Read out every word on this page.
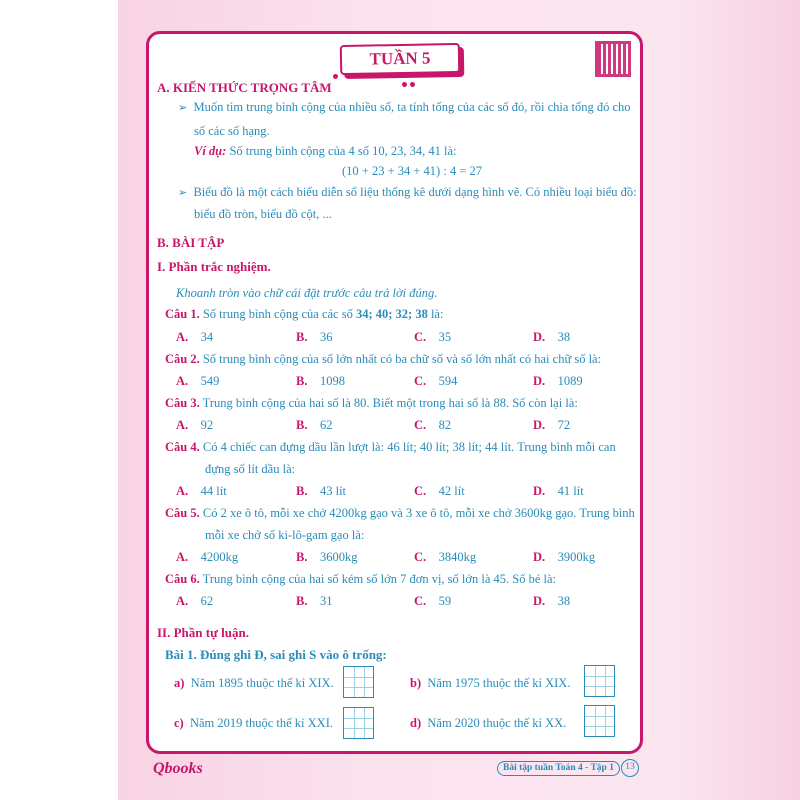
TUẦN 5
A. KIẾN THỨC TRỌNG TÂM
➢ Muốn tìm trung bình cộng của nhiều số, ta tính tổng của các số đó, rồi chia tổng đó cho
số các số hạng.
Ví dụ: Số trung bình cộng của 4 số 10, 23, 34, 41 là:
(10 + 23 + 34 + 41) : 4 = 27
➢ Biểu đồ là một cách biểu diễn số liệu thống kê dưới dạng hình vẽ. Có nhiều loại biểu đồ:
biểu đồ tròn, biểu đồ cột, ...
B. BÀI TẬP
I. Phần trắc nghiệm.
Khoanh tròn vào chữ cái đặt trước câu trả lời đúng.
Câu 1. Số trung bình cộng của các số 34; 40; 32; 38 là:
A. 34	B. 36	C. 35	D. 38
Câu 2. Số trung bình cộng của số lớn nhất có ba chữ số và số lớn nhất có hai chữ số là:
A. 549	B. 1098	C. 594	D. 1089
Câu 3. Trung bình cộng của hai số là 80. Biết một trong hai số là 88. Số còn lại là:
A. 92	B. 62	C. 82	D. 72
Câu 4. Có 4 chiếc can đựng dầu lần lượt là: 46 lít; 40 lít; 38 lít; 44 lít. Trung bình mỗi can
đựng số lít dầu là:
A. 44 lít	B. 43 lít	C. 42 lít	D. 41 lít
Câu 5. Có 2 xe ô tô, mỗi xe chở 4200kg gạo và 3 xe ô tô, mỗi xe chở 3600kg gạo. Trung bình
mỗi xe chở số ki-lô-gam gạo là:
A. 4200kg	B. 3600kg	C. 3840kg	D. 3900kg
Câu 6. Trung bình cộng của hai số kém số lớn 7 đơn vị, số lớn là 45. Số bé là:
A. 62	B. 31	C. 59	D. 38
II. Phần tự luận.
Bài 1. Đúng ghi Đ, sai ghi S vào ô trống:
a) Năm 1895 thuộc thế kỉ XIX.	b) Năm 1975 thuộc thế kỉ XIX.
c) Năm 2019 thuộc thế kỉ XXI.	d) Năm 2020 thuộc thế kỉ XX.
Qbooks	Bài tập tuần Toán 4 - Tập 1	13
